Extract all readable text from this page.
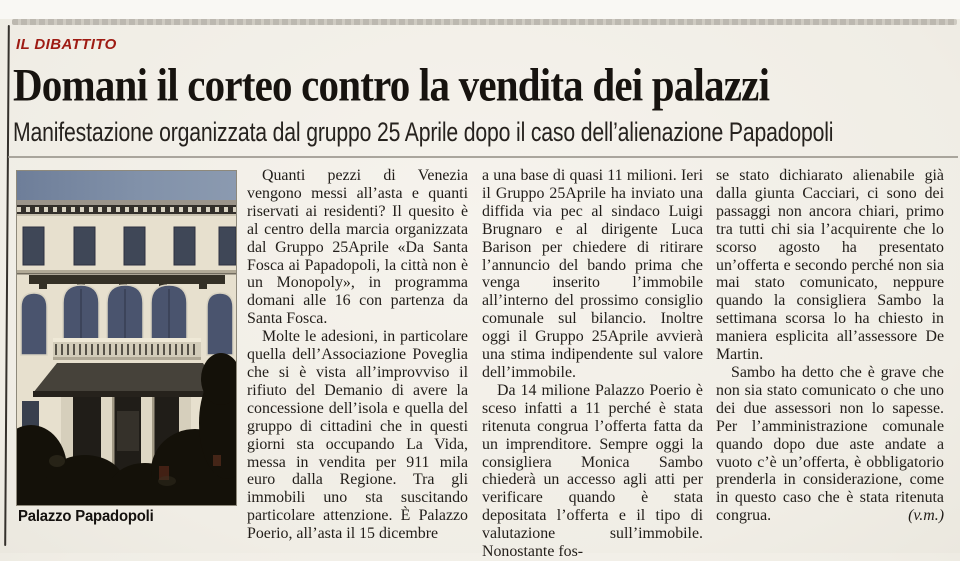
IL DIBATTITO
Domani il corteo contro la vendita dei palazzi
Manifestazione organizzata dal gruppo 25 Aprile dopo il caso dell’alienazione Papadopoli
Palazzo Papadopoli

Quanti pezzi di Venezia vengono messi all’asta e quanti riservati ai residenti? Il quesito è al centro della marcia organizzata dal Gruppo 25Aprile «Da Santa Fosca ai Papadopoli, la città non è un Monopoly», in programma domani alle 16 con partenza da Santa Fosca.

Molte le adesioni, in particolare quella dell’Associazione Poveglia che si è vista all’improvviso il rifiuto del Demanio di avere la concessione dell’isola e quella del gruppo di cittadini che in questi giorni sta occupando La Vida, messa in vendita per 911 mila euro dalla Regione. Tra gli immobili uno sta suscitando particolare attenzione. È Palazzo Poerio, all’asta il 15 dicembre

a una base di quasi 11 milioni. Ieri il Gruppo 25Aprile ha inviato una diffida via pec al sindaco Luigi Brugnaro e al dirigente Luca Barison per chiedere di ritirare l’annuncio del bando prima che venga inserito l’immobile all’interno del prossimo consiglio comunale sul bilancio. Inoltre oggi il Gruppo 25Aprile avvierà una stima indipendente sul valore dell’immobile.

Da 14 milione Palazzo Poerio è sceso infatti a 11 perché è stata ritenuta congrua l’offerta fatta da un imprenditore. Sempre oggi la consigliera Monica Sambo chiederà un accesso agli atti per verificare quando è stata depositata l’offerta e il tipo di valutazione sull’immobile. Nonostante fos-

se stato dichiarato alienabile già dalla giunta Cacciari, ci sono dei passaggi non ancora chiari, primo tra tutti chi sia l’acquirente che lo scorso agosto ha presentato un’offerta e secondo perché non sia mai stato comunicato, neppure quando la consigliera Sambo la settimana scorsa lo ha chiesto in maniera esplicita all’assessore De Martin.

Sambo ha detto che è grave che non sia stato comunicato o che uno dei due assessori non lo sapesse. Per l’amministrazione comunale quando dopo due aste andate a vuoto c’è un’offerta, è obbligatorio prenderla in considerazione, come in questo caso che è stata ritenuta congrua.	(v.m.)
